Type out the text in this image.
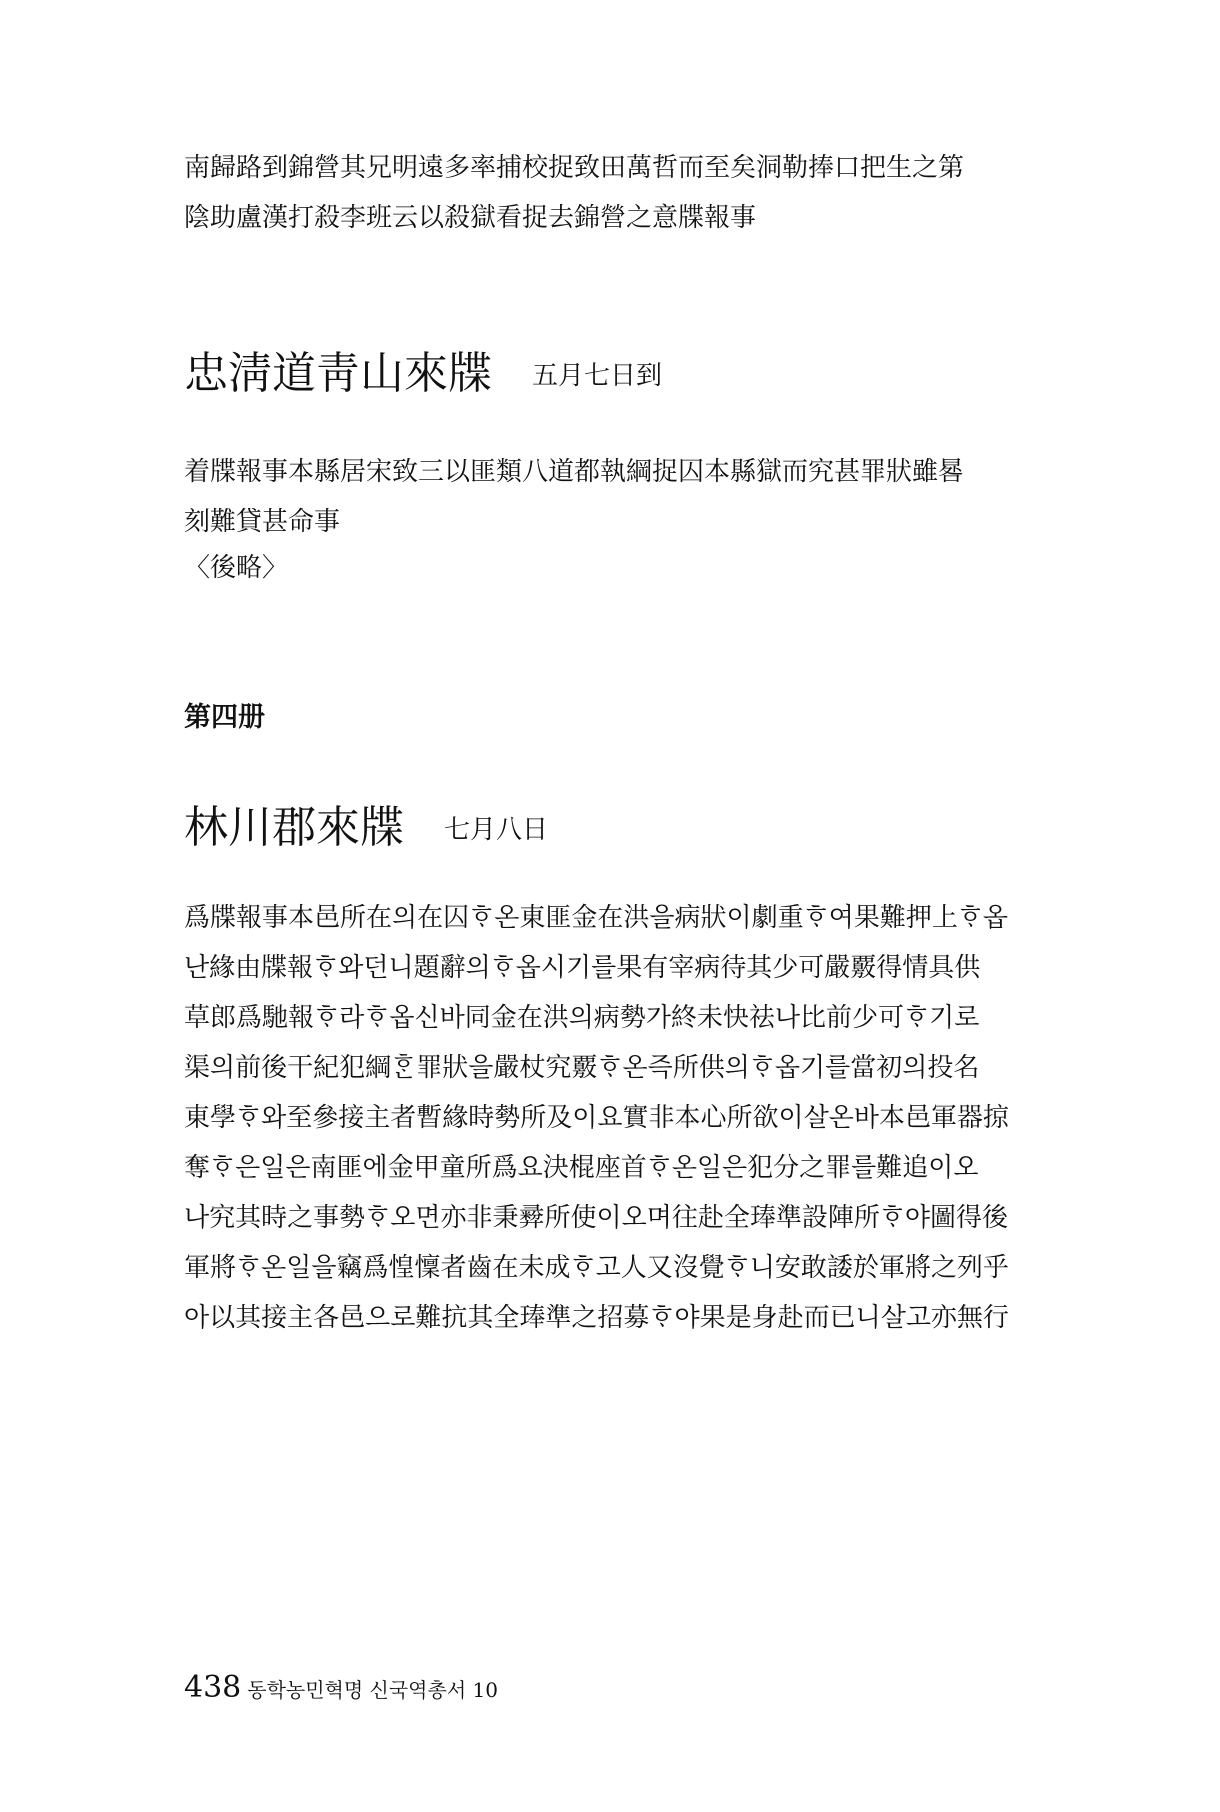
南歸路到錦營其兄明遠多率捕校捉致田萬哲而至矣洞勒捧口把生之第
陰助盧漢打殺李班云以殺獄看捉去錦營之意牒報事
忠淸道靑山來牒 五月七日到
着牒報事本縣居宋致三以匪類八道都執綱捉囚本縣獄而究甚罪狀雖晷
刻難貸甚命事
〈後略〉
第四册
林川郡來牒 七月八日
爲牒報事本邑所在의在囚ᄒᆞ온東匪金在洪을病狀이劇重ᄒᆞ여果難押上ᄒᆞ옵
난緣由牒報ᄒᆞ와던니題辭의ᄒᆞ옵시기를果有宰病待其少可嚴覈得情具供
草郎爲馳報ᄒᆞ라ᄒᆞ옵신바同金在洪의病勢가終未快祛나比前少可ᄒᆞ기로
渠의前後干紀犯綱ᄒᆞᆫ罪狀을嚴杖究覈ᄒᆞ온즉所供의ᄒᆞ옵기를當初의投名
東學ᄒᆞ와至參接主者暫緣時勢所及이요實非本心所欲이살온바本邑軍器掠
奪ᄒᆞ은일은南匪에金甲童所爲요決棍座首ᄒᆞ온일은犯分之罪를難追이오
나究其時之事勢ᄒᆞ오면亦非秉彛所使이오며往赴全琫準設陣所ᄒᆞ야圖得後
軍將ᄒᆞ온일을竊爲惶懍者齒在未成ᄒᆞ고人又沒覺ᄒᆞ니安敢諉於軍將之列乎
아以其接主各邑으로難抗其全琫準之招募ᄒᆞ야果是身赴而已니살고亦無行
438 동학농민혁명 신국역총서 10
